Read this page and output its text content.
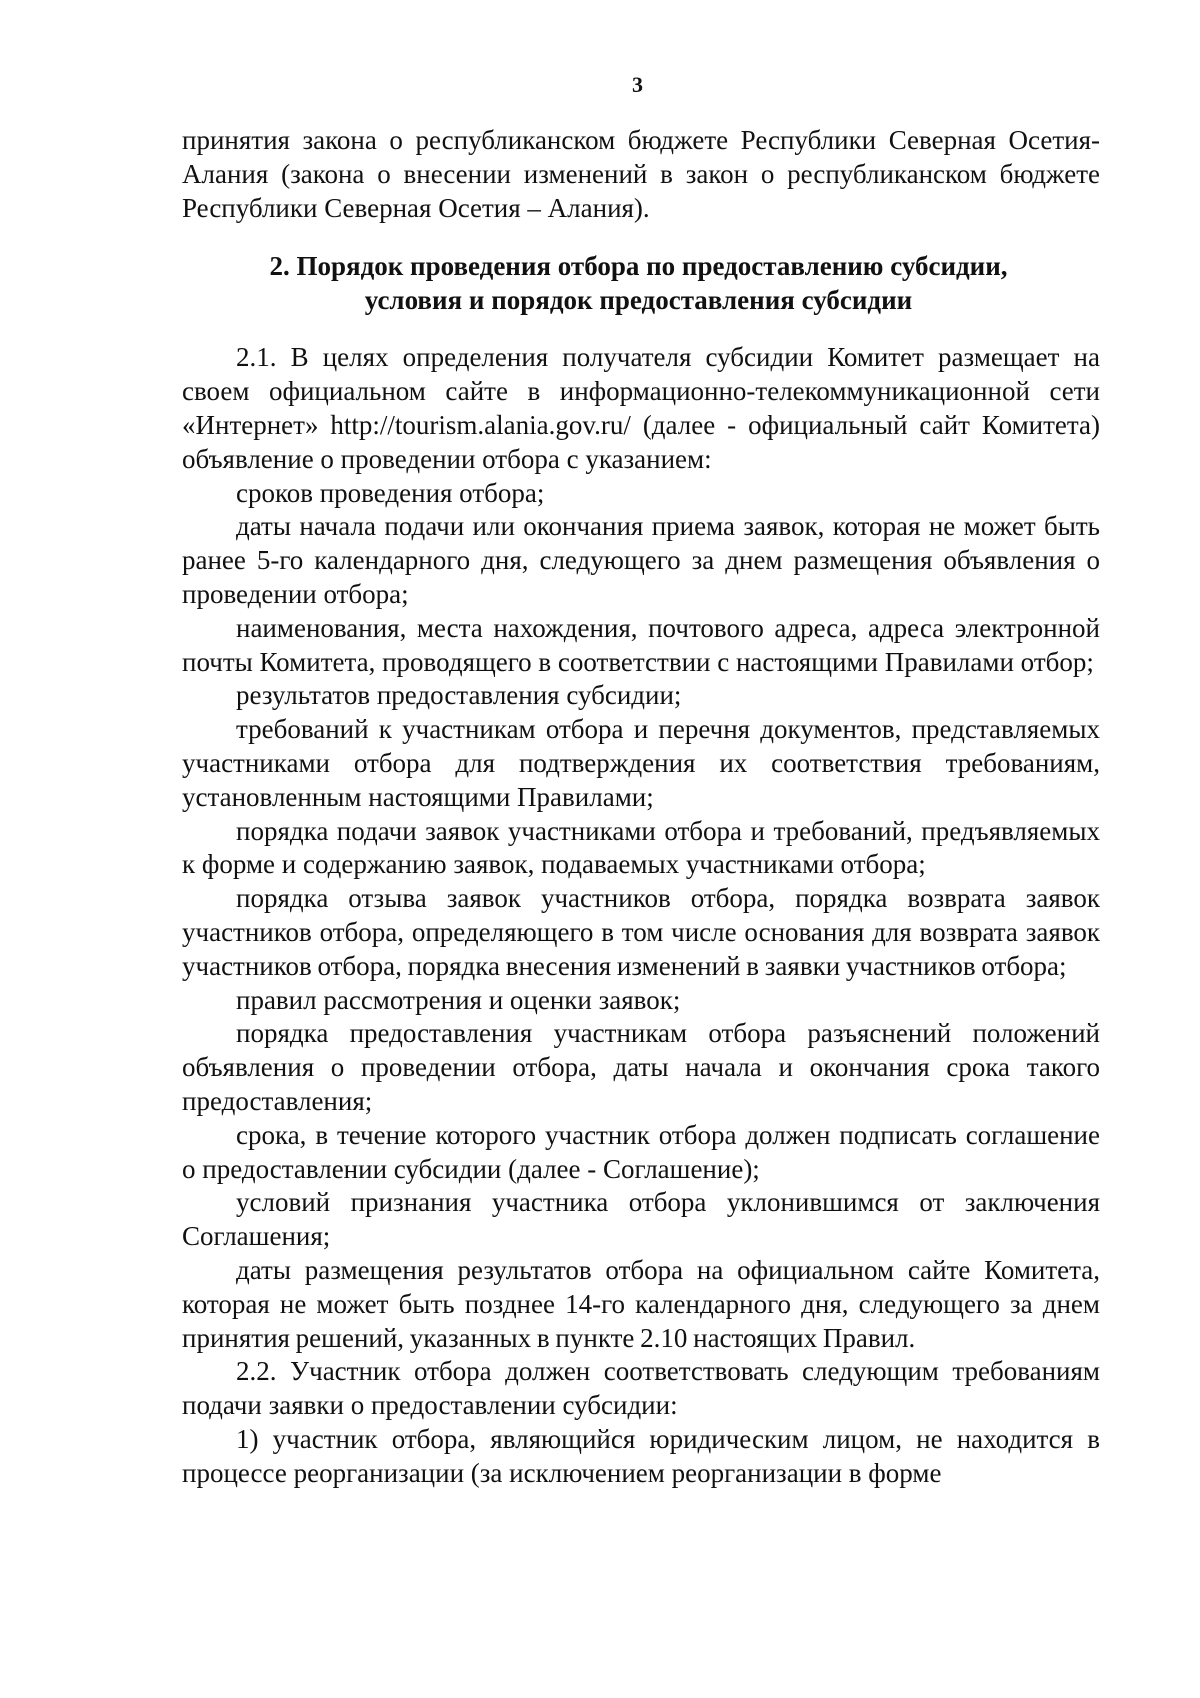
3

принятия закона о республиканском бюджете Республики Северная Осетия-Алания (закона о внесении изменений в закон о республиканском бюджете Республики Северная Осетия – Алания).

2. Порядок проведения отбора по предоставлению субсидии,
условия и порядок предоставления субсидии

2.1. В целях определения получателя субсидии Комитет размещает на своем официальном сайте в информационно-телекоммуникационной сети «Интернет» http://tourism.alania.gov.ru/ (далее - официальный сайт Комитета) объявление о проведении отбора с указанием:

сроков проведения отбора;

даты начала подачи или окончания приема заявок, которая не может быть ранее 5-го календарного дня, следующего за днем размещения объявления о проведении отбора;

наименования, места нахождения, почтового адреса, адреса электронной почты Комитета, проводящего в соответствии с настоящими Правилами отбор;

результатов предоставления субсидии;

требований к участникам отбора и перечня документов, представляемых участниками отбора для подтверждения их соответствия требованиям, установленным настоящими Правилами;

порядка подачи заявок участниками отбора и требований, предъявляемых к форме и содержанию заявок, подаваемых участниками отбора;

порядка отзыва заявок участников отбора, порядка возврата заявок участников отбора, определяющего в том числе основания для возврата заявок участников отбора, порядка внесения изменений в заявки участников отбора;

правил рассмотрения и оценки заявок;

порядка предоставления участникам отбора разъяснений положений объявления о проведении отбора, даты начала и окончания срока такого предоставления;

срока, в течение которого участник отбора должен подписать соглашение о предоставлении субсидии (далее - Соглашение);

условий признания участника отбора уклонившимся от заключения Соглашения;

даты размещения результатов отбора на официальном сайте Комитета, которая не может быть позднее 14-го календарного дня, следующего за днем принятия решений, указанных в пункте 2.10 настоящих Правил.

2.2. Участник отбора должен соответствовать следующим требованиям подачи заявки о предоставлении субсидии:

1) участник отбора, являющийся юридическим лицом, не находится в процессе реорганизации (за исключением реорганизации в форме
